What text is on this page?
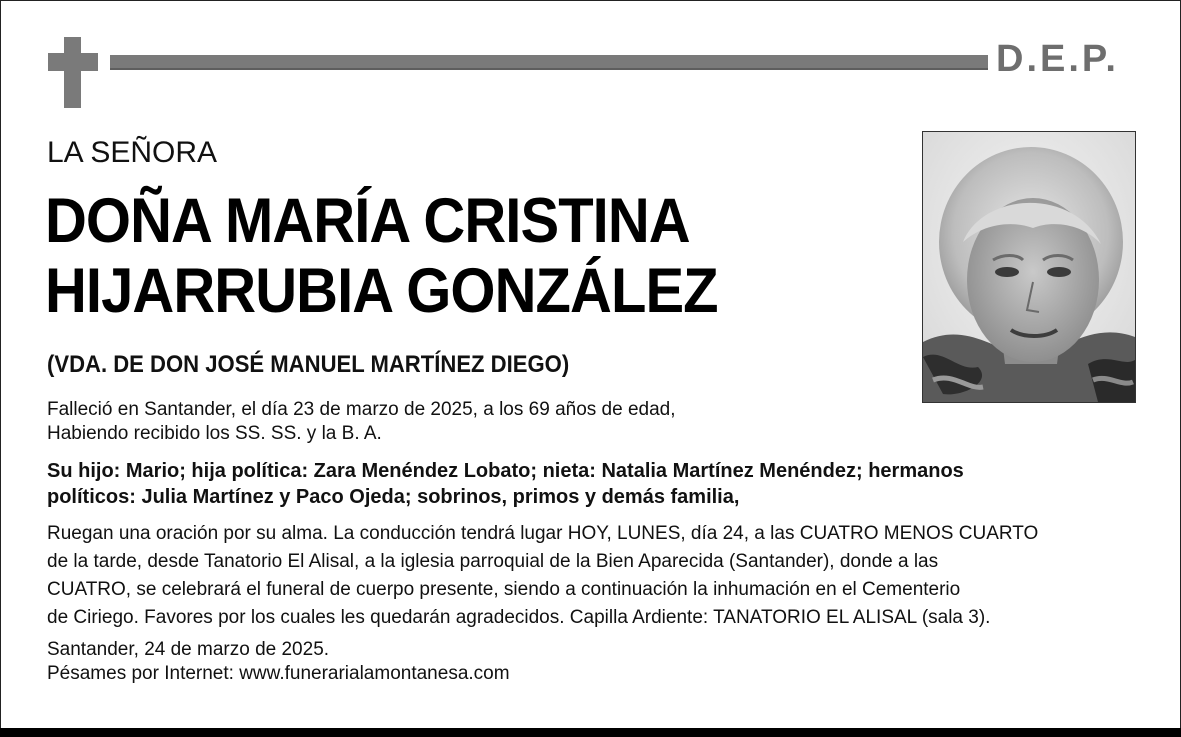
D.E.P.
LA SEÑORA
DOÑA MARÍA CRISTINA
HIJARRUBIA GONZÁLEZ
(VDA. DE DON JOSÉ MANUEL MARTÍNEZ DIEGO)
Falleció en Santander, el día 23 de marzo de 2025, a los 69 años de edad,
Habiendo recibido los SS. SS. y la B. A.
Su hijo: Mario; hija política: Zara Menéndez Lobato; nieta: Natalia Martínez Menéndez; hermanos
políticos: Julia Martínez y Paco Ojeda; sobrinos, primos y demás familia,
Ruegan una oración por su alma. La conducción tendrá lugar HOY, LUNES, día 24, a las CUATRO MENOS CUARTO
de la tarde, desde Tanatorio El Alisal, a la iglesia parroquial de la Bien Aparecida (Santander), donde a las
CUATRO, se celebrará el funeral de cuerpo presente, siendo a continuación la inhumación en el Cementerio
de Ciriego. Favores por los cuales les quedarán agradecidos. Capilla Ardiente: TANATORIO EL ALISAL (sala 3).
Santander, 24 de marzo de 2025.
Pésames por Internet: www.funerarialamontanesa.com
